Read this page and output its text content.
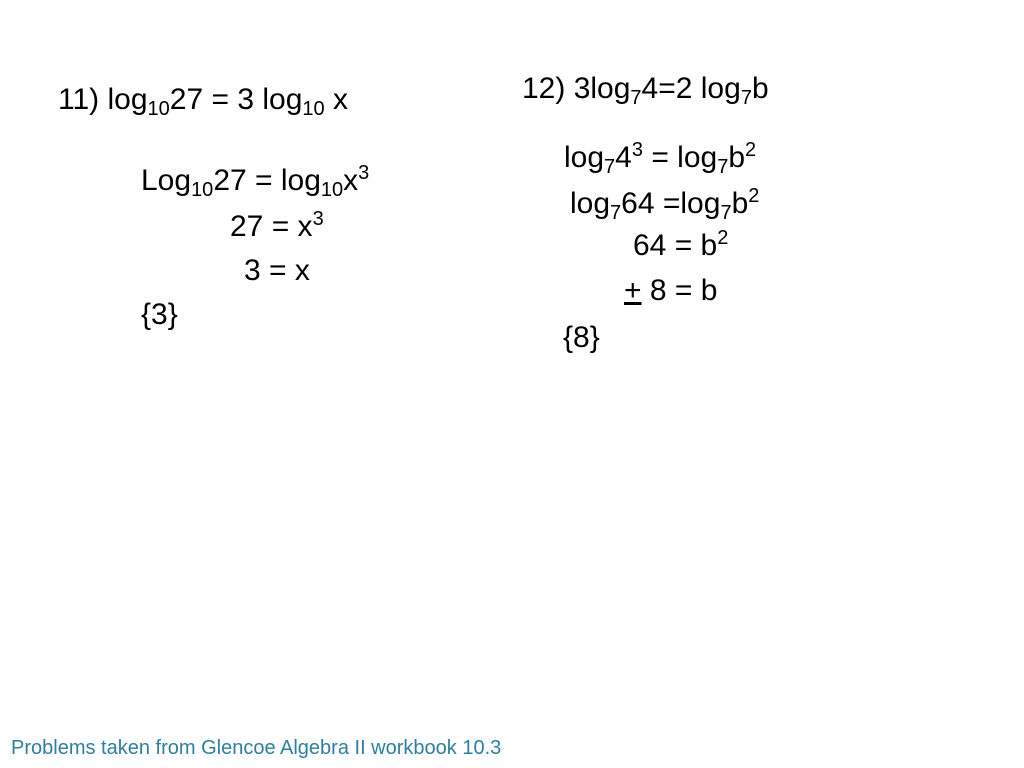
11) $\log_{10}27 = 3$ $\log_{10} x$
$Log_{10}27 = \log_{10}x^3$
$27 = x^3$
3 = x
{3}
12) $3\log_74=2$ $\log_7b$
$\log_74^3 = \log_7b^2$
$\log_764 =\log_7b^2$
$64 = b^2$
+ 8 = b
{8}
Problems taken from Glencoe Algebra II workbook 10.3
